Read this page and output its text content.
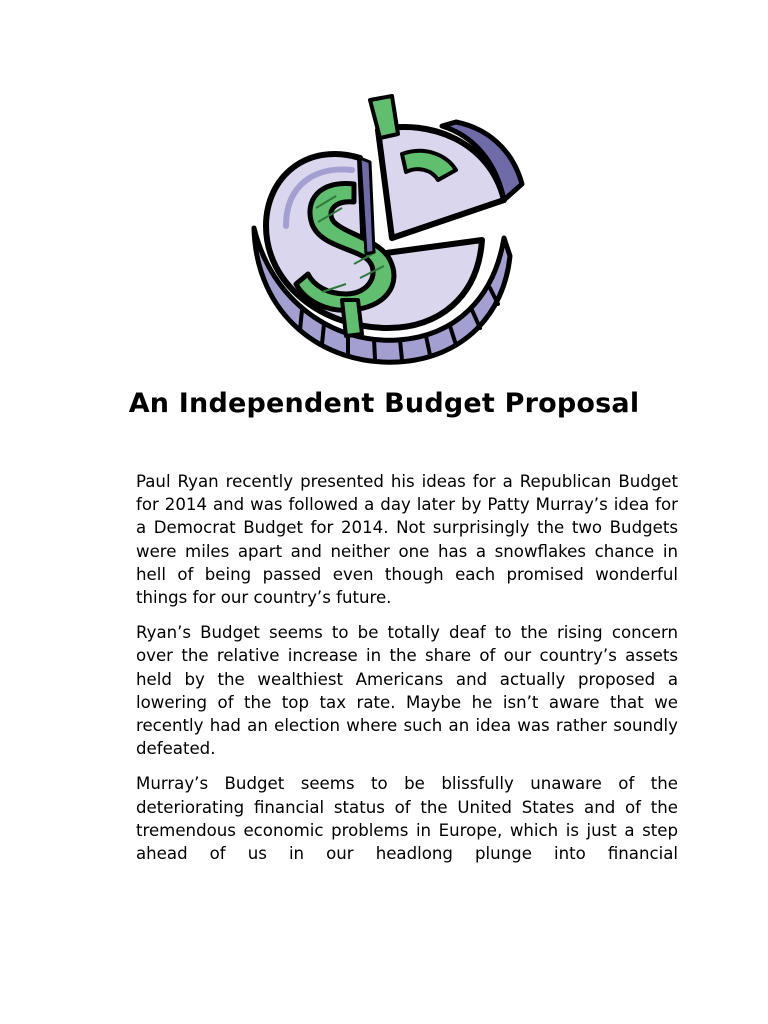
An Independent Budget Proposal

Paul Ryan recently presented his ideas for a Republican Budget for 2014 and was followed a day later by Patty Murray’s idea for a Democrat Budget for 2014. Not surprisingly the two Budgets were miles apart and neither one has a snowflakes chance in hell of being passed even though each promised wonderful things for our country’s future.

Ryan’s Budget seems to be totally deaf to the rising concern over the relative increase in the share of our country’s assets held by the wealthiest Americans and actually proposed a lowering of the top tax rate. Maybe he isn’t aware that we recently had an election where such an idea was rather soundly defeated.

Murray’s Budget seems to be blissfully unaware of the deteriorating financial status of the United States and of the tremendous economic problems in Europe, which is just a step ahead of us in our headlong plunge into financial
